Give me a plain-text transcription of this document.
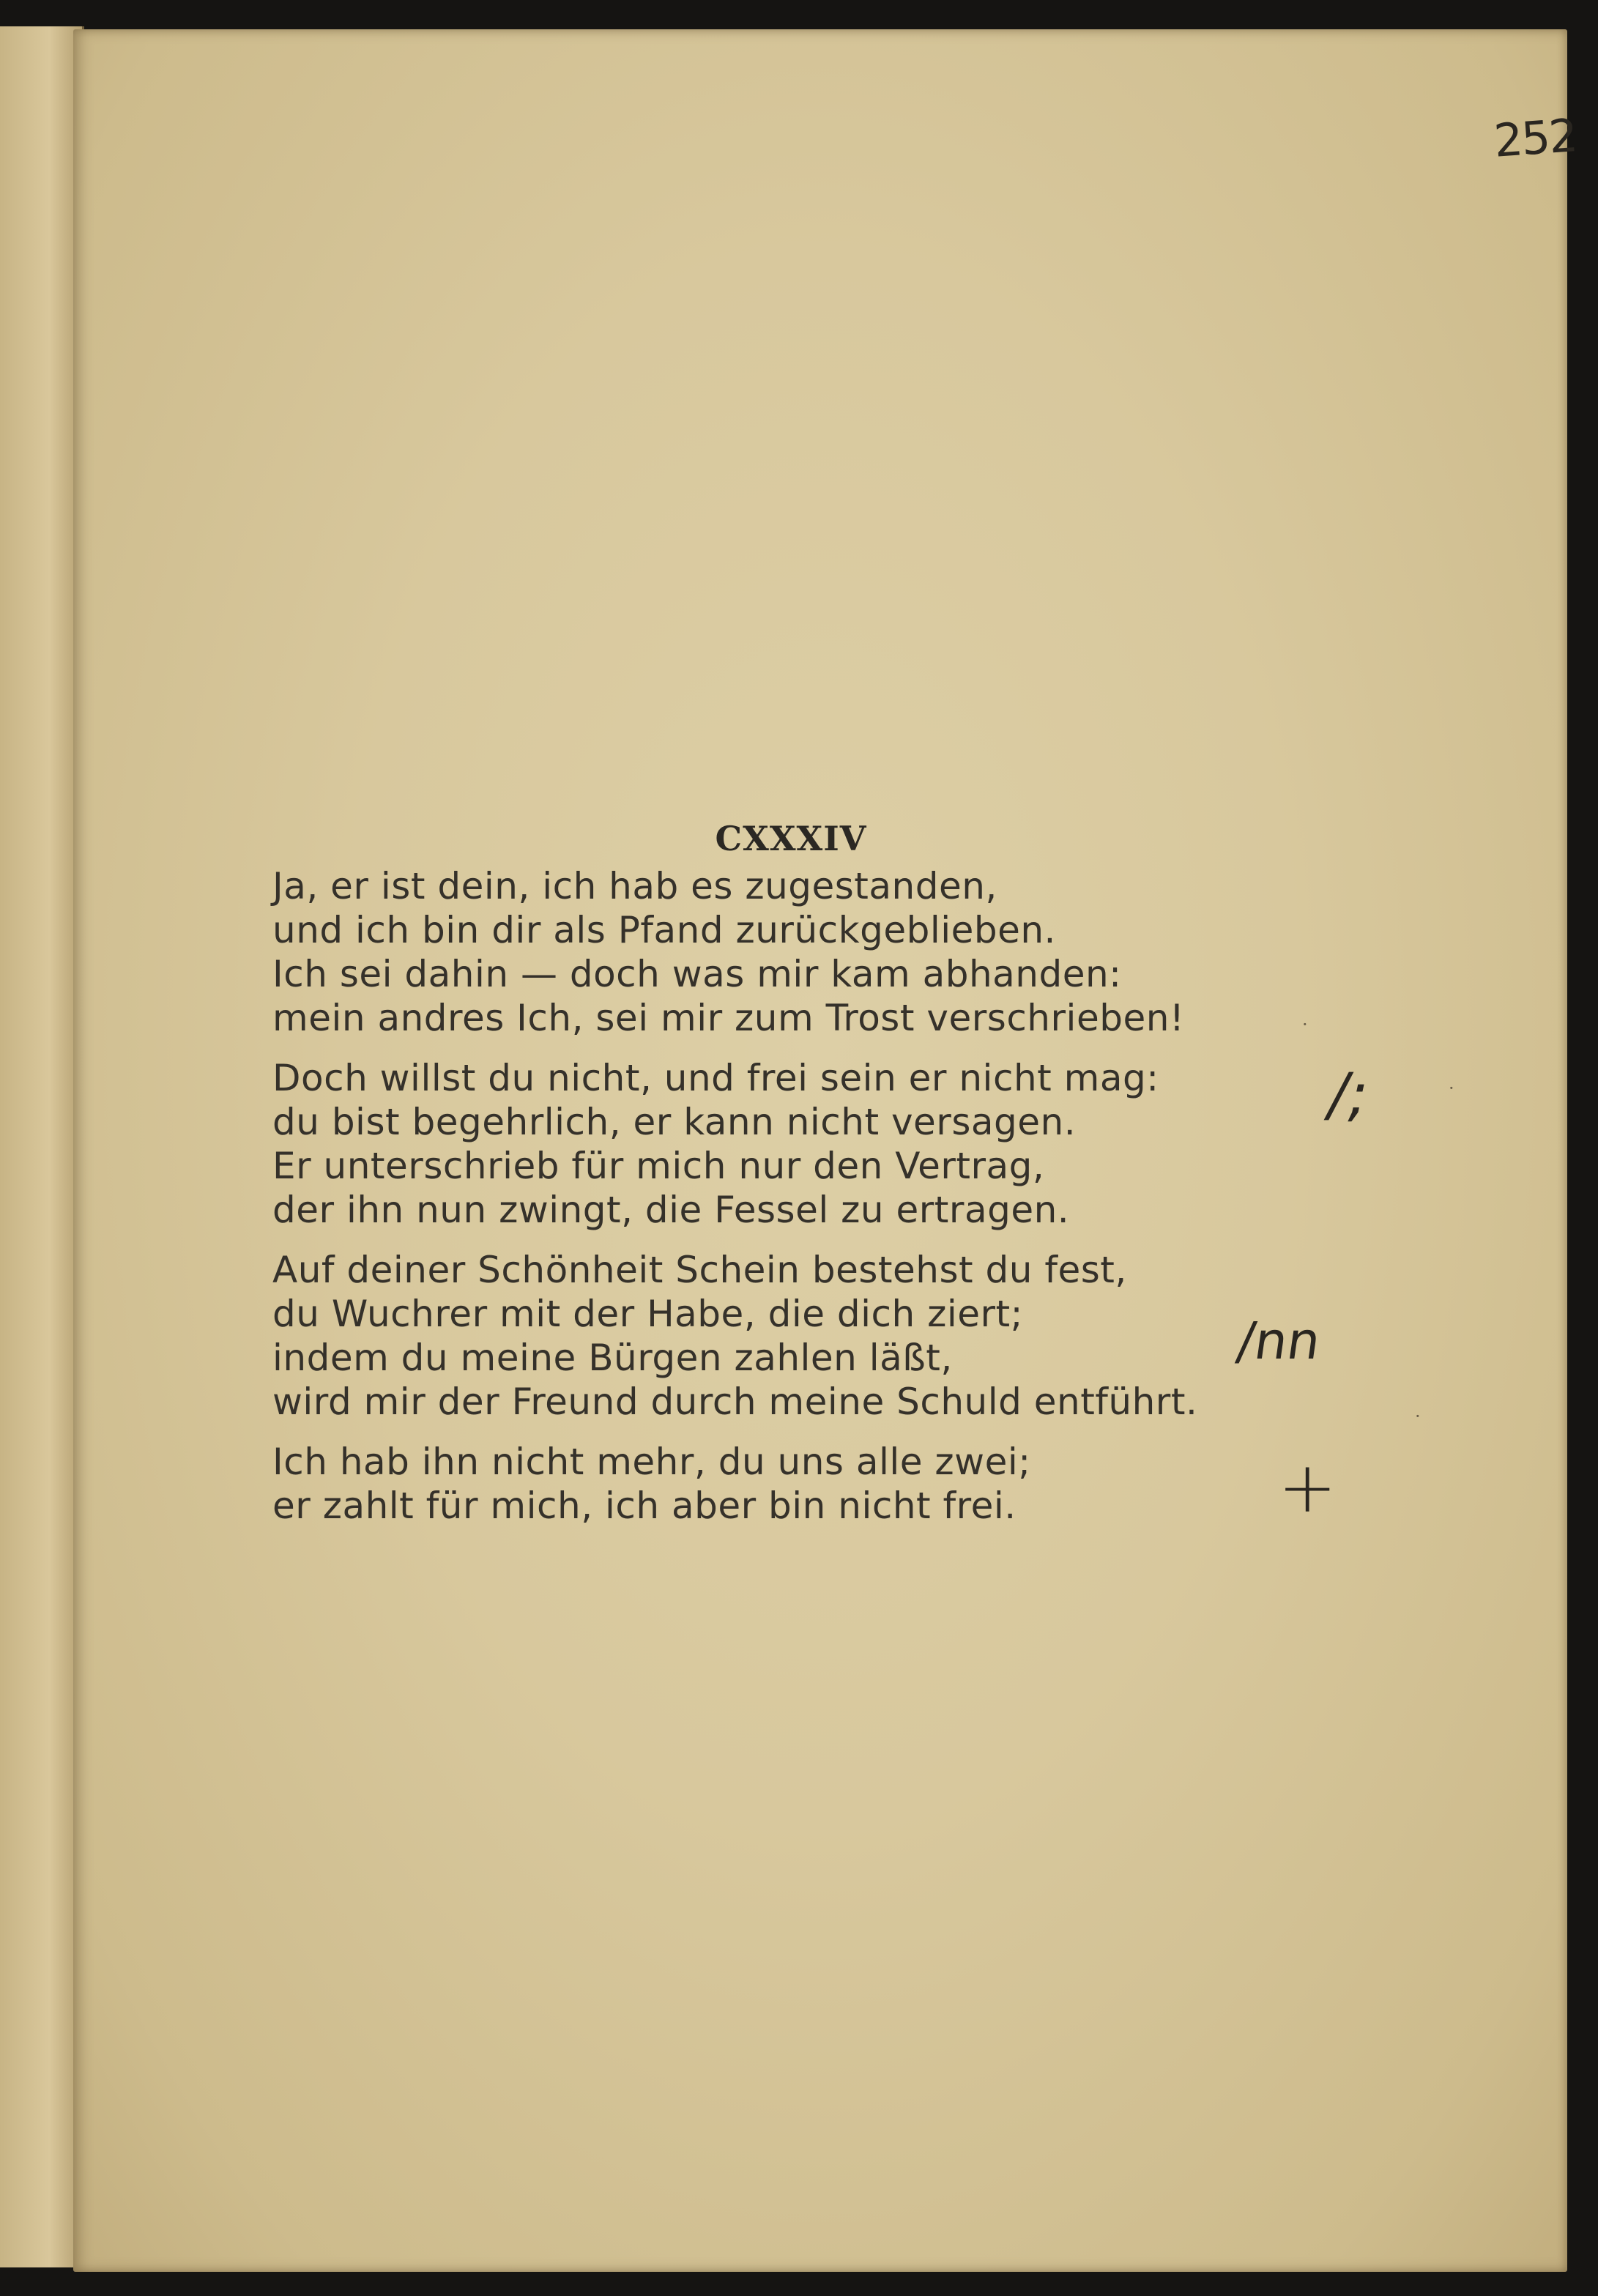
252
CXXXIV
Ja, er ist dein, ich hab es zugestanden,
und ich bin dir als Pfand zurückgeblieben.
Ich sei dahin — doch was mir kam abhanden:
mein andres Ich, sei mir zum Trost verschrieben!
Doch willst du nicht, und frei sein er nicht mag:
du bist begehrlich, er kann nicht versagen.
Er unterschrieb für mich nur den Vertrag,
der ihn nun zwingt, die Fessel zu ertragen.
Auf deiner Schönheit Schein bestehst du fest,
du Wuchrer mit der Habe, die dich ziert;
indem du meine Bürgen zahlen läßt,
wird mir der Freund durch meine Schuld entführt.
Ich hab ihn nicht mehr, du uns alle zwei;
er zahlt für mich, ich aber bin nicht frei.
/;
/nn
+
·
·
·
